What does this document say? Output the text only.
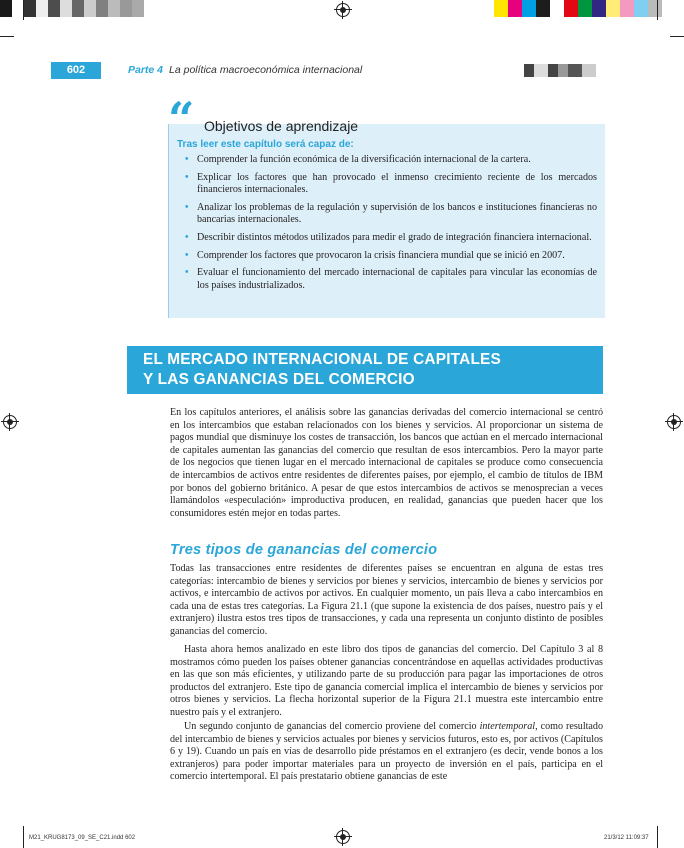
602	Parte 4 La política macroeconómica internacional
“ Objetivos de aprendizaje
Tras leer este capítulo será capaz de:
• Comprender la función económica de la diversificación internacional de la cartera.
• Explicar los factores que han provocado el inmenso crecimiento reciente de los mercados financieros internacionales.
• Analizar los problemas de la regulación y supervisión de los bancos e instituciones financieras no bancarias internacionales.
• Describir distintos métodos utilizados para medir el grado de integración financiera internacional.
• Comprender los factores que provocaron la crisis financiera mundial que se inició en 2007.
• Evaluar el funcionamiento del mercado internacional de capitales para vincular las economías de los países industrializados.
EL MERCADO INTERNACIONAL DE CAPITALES
Y LAS GANANCIAS DEL COMERCIO

En los capítulos anteriores, el análisis sobre las ganancias derivadas del comercio internacional se centró en los intercambios que estaban relacionados con los bienes y servicios. Al proporcionar un sistema de pagos mundial que disminuye los costes de transacción, los bancos que actúan en el mercado internacional de capitales aumentan las ganancias del comercio que resultan de esos intercambios. Pero la mayor parte de los negocios que tienen lugar en el mercado internacional de capitales se produce como consecuencia de intercambios de activos entre residentes de diferentes países, por ejemplo, el cambio de títulos de IBM por bonos del gobierno británico. A pesar de que estos intercambios de activos se menosprecian a veces llamándolos «especulación» improductiva producen, en realidad, ganancias que pueden hacer que los consumidores estén mejor en todas partes.

Tres tipos de ganancias del comercio

Todas las transacciones entre residentes de diferentes países se encuentran en alguna de estas tres categorías: intercambio de bienes y servicios por bienes y servicios, intercambio de bienes y servicios por activos, e intercambio de activos por activos. En cualquier momento, un país lleva a cabo intercambios en cada una de estas tres categorías. La Figura 21.1 (que supone la existencia de dos países, nuestro país y el extranjero) ilustra estos tres tipos de transacciones, y cada una representa un conjunto distinto de posibles ganancias del comercio.

Hasta ahora hemos analizado en este libro dos tipos de ganancias del comercio. Del Capítulo 3 al 8 mostramos cómo pueden los países obtener ganancias concentrándose en aquellas actividades productivas en las que son más eficientes, y utilizando parte de su producción para pagar las importaciones de otros productos del extranjero. Este tipo de ganancia comercial implica el intercambio de bienes y servicios por otros bienes y servicios. La flecha horizontal superior de la Figura 21.1 muestra este intercambio entre nuestro país y el extranjero.

Un segundo conjunto de ganancias del comercio proviene del comercio intertemporal, como resultado del intercambio de bienes y servicios actuales por bienes y servicios futuros, esto es, por activos (Capítulos 6 y 19). Cuando un país en vías de desarrollo pide préstamos en el extranjero (es decir, vende bonos a los extranjeros) para poder importar materiales para un proyecto de inversión en el país, participa en el comercio intertemporal. El país prestatario obtiene ganancias de este

M21_KRUG8173_09_SE_C21.indd 602	21/3/12 11:09:37
